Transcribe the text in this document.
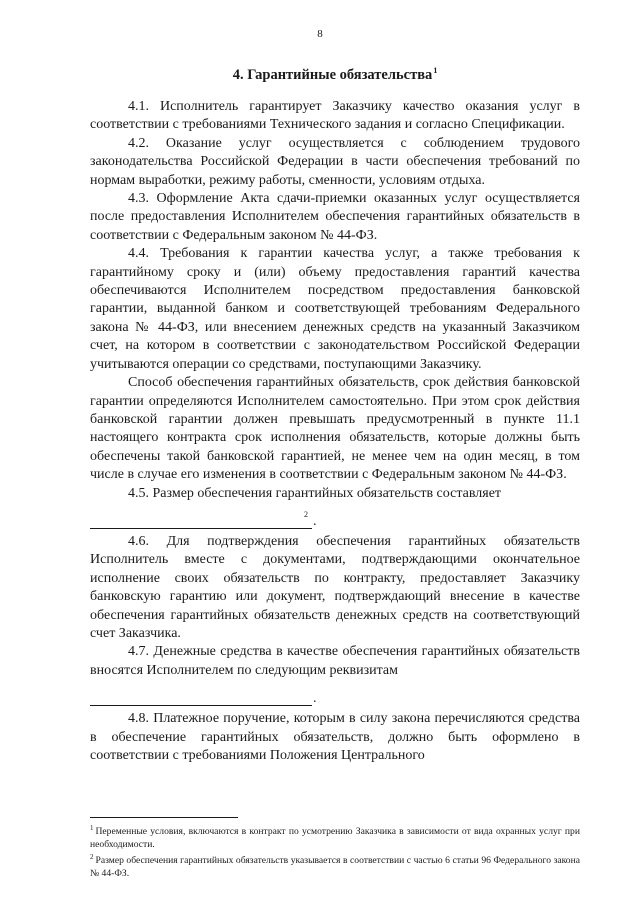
8
4. Гарантийные обязательства$^1$

4.1. Исполнитель гарантирует Заказчику качество оказания услуг в соответствии с требованиями Технического задания и согласно Спецификации.

4.2. Оказание услуг осуществляется с соблюдением трудового законодательства Российской Федерации в части обеспечения требований по нормам выработки, режиму работы, сменности, условиям отдыха.

4.3. Оформление Акта сдачи-приемки оказанных услуг осуществляется после предоставления Исполнителем обеспечения гарантийных обязательств в соответствии с Федеральным законом № 44-ФЗ.

4.4. Требования к гарантии качества услуг, а также требования к гарантийному сроку и (или) объему предоставления гарантий качества обеспечиваются Исполнителем посредством предоставления банковской гарантии, выданной банком и соответствующей требованиям Федерального закона № 44-ФЗ, или внесением денежных средств на указанный Заказчиком счет, на котором в соответствии с законодательством Российской Федерации учитываются операции со средствами, поступающими Заказчику.

Способ обеспечения гарантийных обязательств, срок действия банковской гарантии определяются Исполнителем самостоятельно. При этом срок действия банковской гарантии должен превышать предусмотренный в пункте 11.1 настоящего контракта срок исполнения обязательств, которые должны быть обеспечены такой банковской гарантией, не менее чем на один месяц, в том числе в случае его изменения в соответствии с Федеральным законом № 44-ФЗ.

4.5. Размер обеспечения гарантийных обязательств составляет

2 .

4.6. Для подтверждения обеспечения гарантийных обязательств Исполнитель вместе с документами, подтверждающими окончательное исполнение своих обязательств по контракту, предоставляет Заказчику банковскую гарантию или документ, подтверждающий внесение в качестве обеспечения гарантийных обязательств денежных средств на соответствующий счет Заказчика.

4.7. Денежные средства в качестве обеспечения гарантийных обязательств вносятся Исполнителем по следующим реквизитам

.

4.8. Платежное поручение, которым в силу закона перечисляются средства в обеспечение гарантийных обязательств, должно быть оформлено в соответствии с требованиями Положения Центрального

$^1$ Переменные условия, включаются в контракт по усмотрению Заказчика в зависимости от вида охранных услуг при необходимости.

$^2$ Размер обеспечения гарантийных обязательств указывается в соответствии с частью 6 статьи 96 Федерального закона № 44-ФЗ.
